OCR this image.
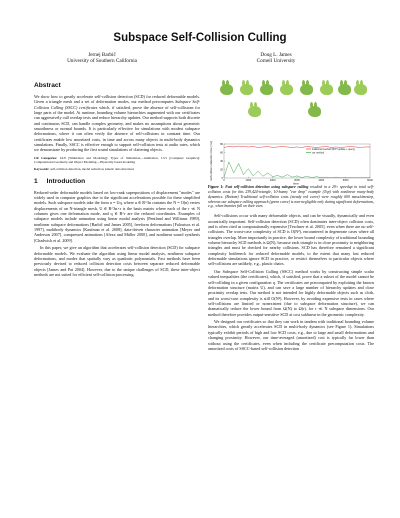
Subspace Self-Collision Culling
Jernej Barbič
University of Southern California
Doug L. James
Cornell University
Abstract

We show how to greatly accelerate self-collision detection (SCD) for reduced deformable models. Given a triangle mesh and a set of deformation modes, our method precomputes Subspace Self-Collision Culling (SSCC) certificates which, if satisfied, prove the absence of self-collisions for large parts of the model. At runtime, bounding volume hierarchies augmented with our certificates can aggressively cull overlap tests and reduce hierarchy updates. Our method supports both discrete and continuous SCD, can handle complex geometry, and makes no assumptions about geometric smoothness or normal bounds. It is particularly effective for simulations with modest subspace deformations, where it can often verify the absence of self-collisions in constant time. Our certificates enable low amortized costs, in time and across many objects in multi-body dynamics simulations. Finally, SSCC is effective enough to support self-collision tests at audio rates, which we demonstrate by producing the first sound simulations of clattering objects.

CR Categories: I.6.8 [Simulation and Modeling]: Types of Simulation—Animation, I.3.5 [Computer Graphics]: Computational Geometry and Object Modeling—Physically based modeling

Keywords: self-collision detection, model reduction, kinetic data structures

1 Introduction

Reduced-order deformable models based on low-rank superpositions of displacement "modes" are widely used in computer graphics due to the significant accelerations possible for these simplified models. Such subspace models take the form u = Uq, where u ∈ R^3n contains the N = O(n) vertex displacements of an N-triangle mesh, U ∈ R^3n×r is the basis matrix where each of the r ≪ N columns gives one deformation mode, and q ∈ R^r are the reduced coordinates. Examples of subspace models include animation using linear modal analysis [Pentland and Williams 1989], nonlinear subspace deformations [Barbič and James 2005], freeform deformations [Faloutsos et al. 1997], multibody dynamics [Kaufman et al. 2008], data-driven character animation [Meyer and Anderson 2007], compressed animations [Alexa and Müller 2000], and nonlinear sound synthesis [Chadwick et al. 2009].

In this paper, we give an algorithm that accelerates self-collision detection (SCD) for subspace deformable models. We evaluate the algorithm using linear modal analysis, nonlinear subspace deformations, and modes that spatially vary as quadratic polynomials. Fast methods have been previously devised to reduced collision detection costs between separate reduced deformable objects [James and Pai 2004]. However, due to the unique challenges of SCD, these inter-object methods are not suited for efficient self-collision processing.

self-collision detection time [ms]	0
20
40
60
80
0	1000	2000	3000	4000	5000	6000
traditional method (BVH update + query)
our method
time

Figure 1: Fast self-collision detection using subspace culling resulted in a 29× speedup in total self-collision costs for this 239,424-triangle, 10-bunny "ear drop" example (Top) with nonlinear many-body dynamics. (Bottom) Traditional self-collision costs (steady red curve) were roughly 600 mass/timestep, whereas our subspace culling approach (green curve) is non-negligible only during significant deformations, e.g., when bunnies fall on their ears.

Self-collisions occur with many deformable objects, and can be visually, dynamically and even acoustically important. Self-collision detection (SCD) often dominates inter-object collision costs, and is often cited as computationally expensive [Teschner et al. 2005], even when there are no self-collisions. The worst-case complexity of SCD is O(N²), encountered in degenerate cases where all triangles overlap. More importantly in practice, the lower bound complexity of traditional bounding volume hierarchy SCD methods is Ω(N), because each triangle is in close proximity to neighboring triangles and must be checked for nearby collisions. SCD has therefore remained a significant complexity bottleneck for reduced deformable models, to the extent that many fast reduced deformable simulations ignore SCD in practice, or restrict themselves to particular objects where self-collisions are unlikely, e.g., plastic chairs.

Our Subspace Self-Collision Culling (SSCC) method works by constructing simple scalar valued inequalities (the certificates), which, if satisfied, prove that a subset of the model cannot be self-colliding in a given configuration q. The certificates are precomputed by exploiting the known deformation structure (matrix U), and can save a large number of hierarchy updates and close proximity overlap tests. Our method is not intended for highly deformable objects such as cloth, and its worst-case complexity is still O(N²). However, by avoiding expensive tests in cases where self-collisions are limited or nonexistent (due to subspace deformation structure), we can dramatically reduce the lower bound from Ω(N) to Ω(r), for r ≪ N subspace dimensions. Our method therefore provides output-sensitive SCD at cost sublinear in the geometric complexity.

We designed our certificates so that they can work in tandem with traditional bounding volume hierarchies, which greatly accelerates SCD in multi-body dynamics (see Figure 1). Simulations typically exhibit periods of high and low SCD costs, e.g., due to large and small deformations and changing proximity. However, our time-averaged (amortized) cost is typically far lower than without using the certificates, even when including the certificate precomputation costs. The amortized costs of SSCC-based self-collision detection
